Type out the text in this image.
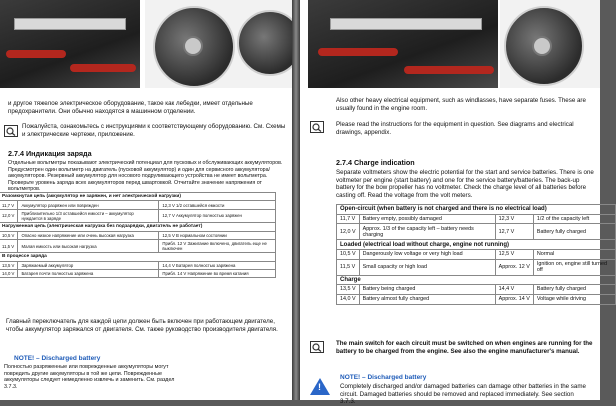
и другое тяжелое электрическое оборудование, такое как лебедки, имеет отдельные предохранители. Они обычно находятся в машинном отделении.
Пожалуйста, ознакомьтесь с инструкциями к соответствующему оборудованию. См. Схемы и электрические чертежи, приложение.
2.7.4 Индикация заряда
Отдельные вольтметры показывают электрический потенциал для пусковых и обслуживающих аккумуляторов. Предусмотрен один вольтметр на двигатель (пусковой аккумулятор) и один для сервисного аккумулятора/аккумуляторов. Резервный аккумулятор для носового подруливающего устройства не имеет вольтметра. Проверьте уровень заряда всех аккумуляторов перед швартовкой. Отчитайте значение напряжения от вольтметров.
Разомкнутая цепь (аккумулятор не заряжен, и нет электрической нагрузки)		
11,7 V	Аккумулятор разряжен или поврежден	12,3 V 1/2 оставшейся емкости
12,0 V	Приблизительно 1/3 оставшейся емкости – аккумулятор нуждается в заряде	12,7 V Аккумулятор полностью заряжен
Нагруженная цепь (электрическая нагрузка без подзарядки, двигатель не работает)		
10,5 V	Опасно низкое напряжение или очень высокая нагрузка	12,5 V В нормальном состоянии
11,5 V	Малая емкость или высокая нагрузка	Прибл. 12 V Зажигание включено, двигатель еще не выключен
В процессе заряда		
13,5 V	Заряжаемый аккумулятор	14,4 V Батарея полностью заряжена
14,0 V	Батарея почти полностью заряжена	Прибл. 14 V Напряжение во время катания
Главный переключатель для каждой цепи должен быть включен при работающем двигателе, чтобы аккумулятор заряжался от двигателя. См. также руководство производителя двигателя.
NOTE! – Discharged battery
Полностью разряженные или поврежденные аккумуляторы могут повредить другие аккумуляторы в той же цепи. Поврежденные аккумуляторы следует немедленно извлечь и заменить. См. раздел 3.7.3.
Also other heavy electrical equipment, such as windlasses, have separate fuses. These are usually found in the engine room.
Please read the instructions for the equipment in question. See diagrams and electrical drawings, appendix.
2.7.4 Charge indication
Separate voltmeters show the electric potential for the start and service batteries. There is one voltmeter per engine (start battery) and one for the service battery/batteries. The back-up battery for the bow propeller has no voltmeter. Check the charge level of all batteries before casting off. Read the voltage from the volt meters.
Open-circuit (when battery is not charged and there is no electrical load)			
11,7 V	Battery empty, possibly damaged	12,3 V	1/2 of the capacity left
12,0 V	Approx. 1/3 of the capacity left – battery needs charging	12,7 V	Battery fully charged
Loaded (electrical load without charge, engine not running)			
10,5 V	Dangerously low voltage or very high load	12,5 V	Normal
11,5 V	Small capacity or high load	Approx. 12 V	Ignition on, engine still turned off
Charge			
13,5 V	Battery being charged	14,4 V	Battery fully charged
14,0 V	Battery almost fully charged	Approx. 14 V	Voltage while driving
The main switch for each circuit must be switched on when engines are running for the battery to be charged from the engine. See also the engine manufacturer's manual.
!
NOTE! – Discharged battery
Completely discharged and/or damaged batteries can damage other batteries in the same circuit. Damaged batteries should be removed and replaced immediately. See section 3.7.3.
